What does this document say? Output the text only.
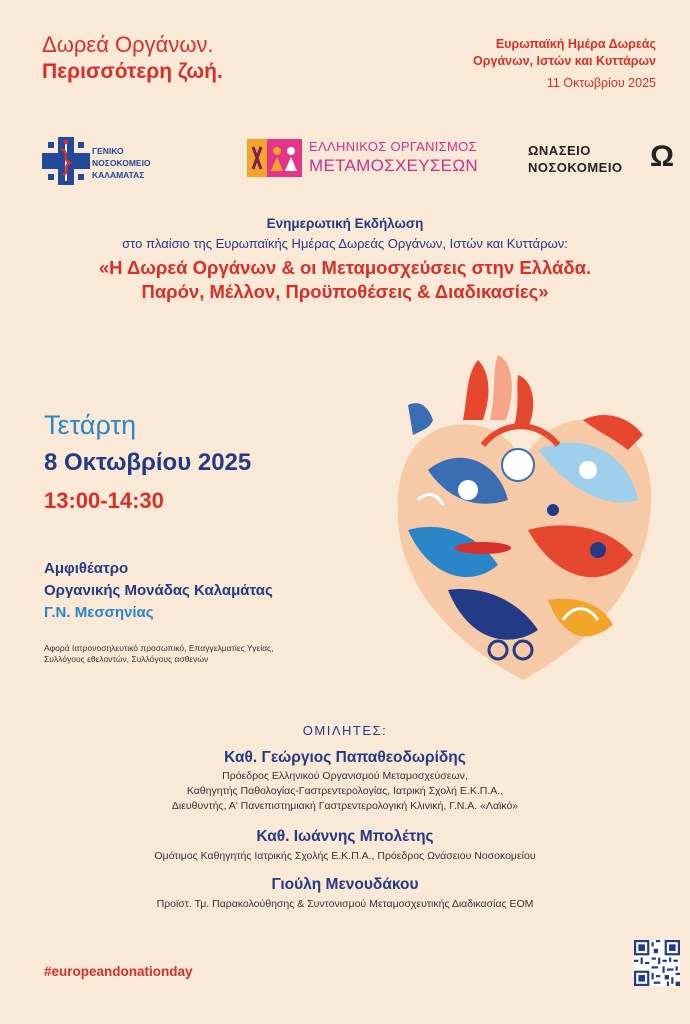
Δωρεά Οργάνων.
Περισσότερη ζωή.
Ευρωπαϊκή Ημέρα Δωρεάς
Οργάνων, Ιστών και Κυττάρων
11 Οκτωβρίου 2025
ΓΕΝΙΚΟ
ΝΟΣΟΚΟΜΕΙΟ
ΚΑΛΑΜΑΤΑΣ
ΕΛΛΗΝΙΚΟΣ ΟΡΓΑΝΙΣΜΟΣ
ΜΕΤΑΜΟΣΧΕΥΣΕΩΝ
ΩΝΑΣΕΙΟ
ΝΟΣΟΚΟΜΕΙΟ Ω
Ενημερωτική Εκδήλωση
στο πλαίσιο της Ευρωπαϊκής Ημέρας Δωρεάς Οργάνων, Ιστών και Κυττάρων:
«Η Δωρεά Οργάνων & οι Μεταμοσχεύσεις στην Ελλάδα.
Παρόν, Μέλλον, Προϋποθέσεις & Διαδικασίες»
Τετάρτη
8 Οκτωβρίου 2025
13:00-14:30
Αμφιθέατρο
Οργανικής Μονάδας Καλαμάτας
Γ.Ν. Μεσσηνίας
Αφορά Ιατρονοσηλευτικό προσωπικό, Επαγγελματίες Υγείας,
Συλλόγους εθελοντών, Συλλόγους ασθενών
ΟΜΙΛΗΤΕΣ:
Καθ. Γεώργιος Παπαθεοδωρίδης
Πρόεδρος Ελληνικού Οργανισμού Μεταμοσχεύσεων,
Καθηγητής Παθολογίας-Γαστρεντερολογίας, Ιατρική Σχολή Ε.Κ.Π.Α.,
Διευθυντής, Α' Πανεπιστημιακή Γαστρεντερολογική Κλινική, Γ.Ν.Α. «Λαϊκό»
Καθ. Ιωάννης Μπολέτης
Ομότιμος Καθηγητής Ιατρικής Σχολής Ε.Κ.Π.Α., Πρόεδρος Ωνάσειου Νοσοκομείου
Γιούλη Μενουδάκου
Προϊστ. Τμ. Παρακολούθησης & Συντονισμού Μεταμοσχευτικής Διαδικασίας ΕΟΜ
#europeandonationday
